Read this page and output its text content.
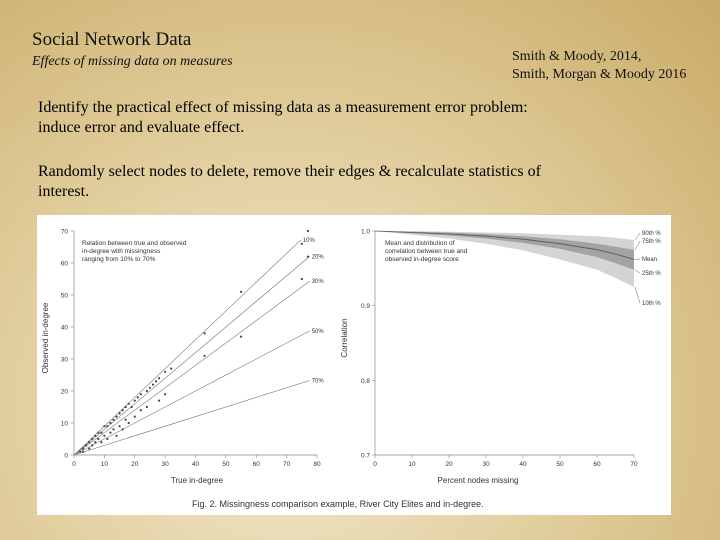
Social Network Data
Effects of missing data on measures	Smith & Moody, 2014,
Smith, Morgan & Moody 2016
Identify the practical effect of missing data as a measurement error problem:
induce error and evaluate effect.
Randomly select nodes to delete, remove their edges & recalculate statistics of
interest.
Relation between true and observed
in-degree with missingness
ranging from 10% to 70%
True in-degree
Observed in-degree
Mean and distribution of
correlation between true and
observed in-degree score
Percent nodes missing
Correlation
Fig. 2. Missingness comparison example, River City Elites and in-degree.
0	10	20	30	40	50	60	70	80
0
10
20
30
40
50
60
70
10%
20%
30%
50%
70%
0	10	20	30	40	50	60	70
0.7
0.8
0.9
1.0	90th %
75th %
Mean
25th %
10th %
